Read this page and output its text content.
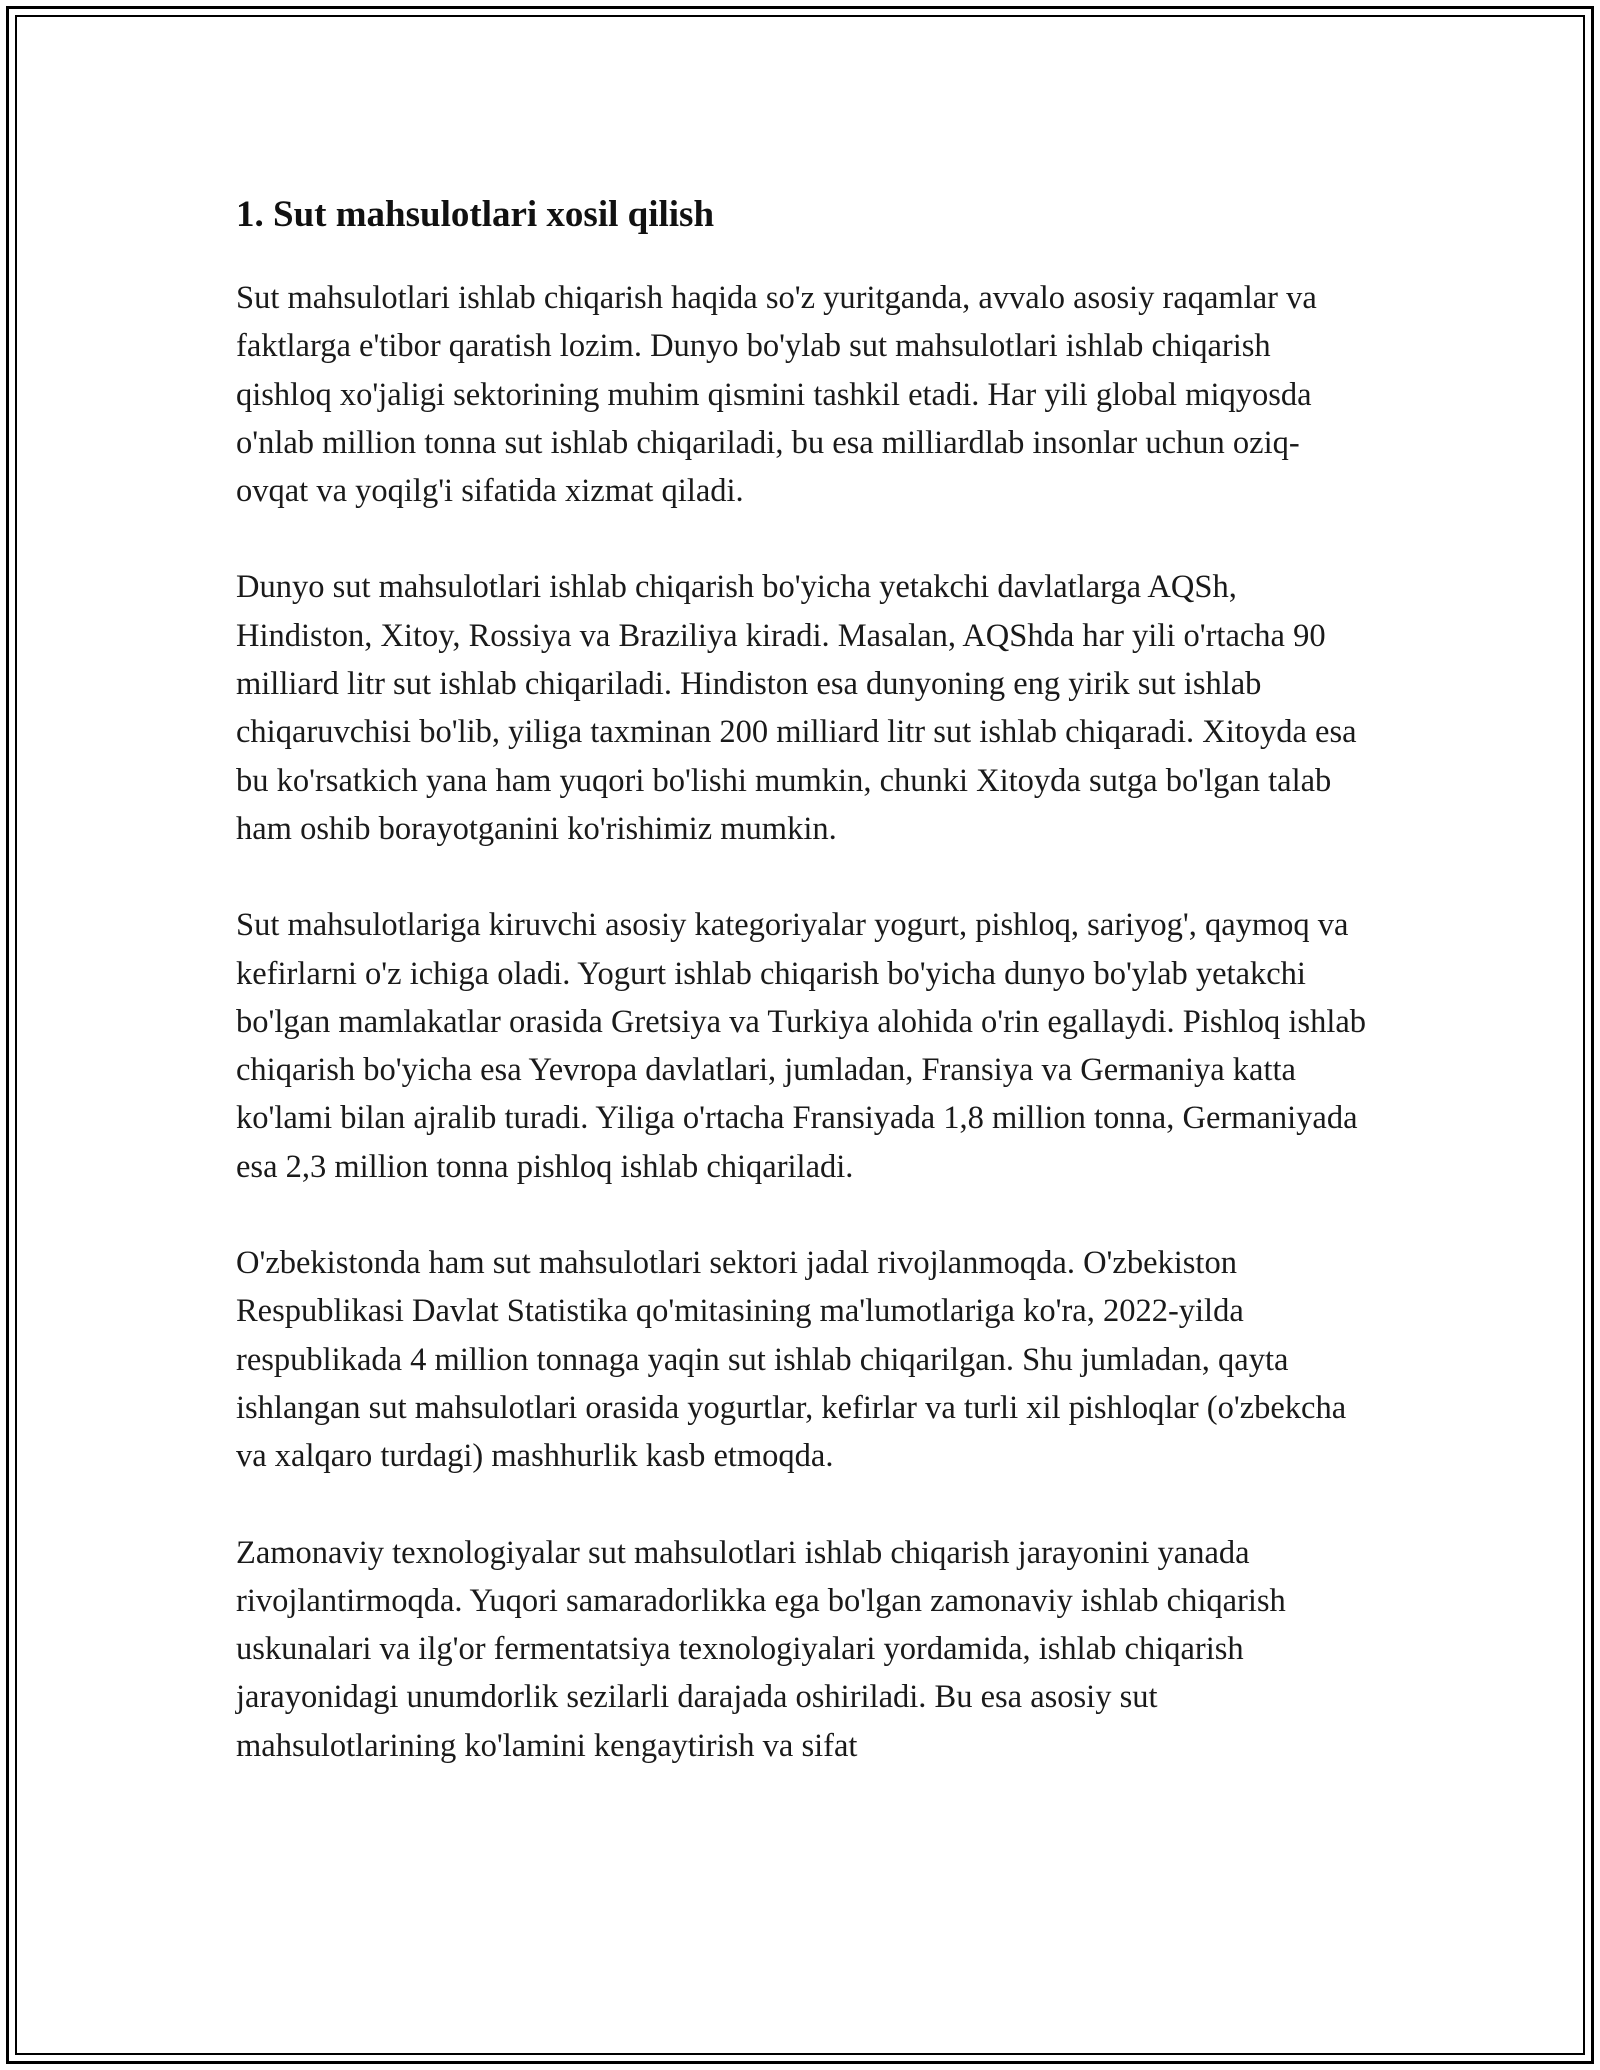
1. Sut mahsulotlari xosil qilish

Sut mahsulotlari ishlab chiqarish haqida so'z yuritganda, avvalo asosiy raqamlar va faktlarga e'tibor qaratish lozim. Dunyo bo'ylab sut mahsulotlari ishlab chiqarish qishloq xo'jaligi sektorining muhim qismini tashkil etadi. Har yili global miqyosda o'nlab million tonna sut ishlab chiqariladi, bu esa milliardlab insonlar uchun oziq-ovqat va yoqilg'i sifatida xizmat qiladi.

Dunyo sut mahsulotlari ishlab chiqarish bo'yicha yetakchi davlatlarga AQSh, Hindiston, Xitoy, Rossiya va Braziliya kiradi. Masalan, AQShda har yili o'rtacha 90 milliard litr sut ishlab chiqariladi. Hindiston esa dunyoning eng yirik sut ishlab chiqaruvchisi bo'lib, yiliga taxminan 200 milliard litr sut ishlab chiqaradi. Xitoyda esa bu ko'rsatkich yana ham yuqori bo'lishi mumkin, chunki Xitoyda sutga bo'lgan talab ham oshib borayotganini ko'rishimiz mumkin.

Sut mahsulotlariga kiruvchi asosiy kategoriyalar yogurt, pishloq, sariyog', qaymoq va kefirlarni o'z ichiga oladi. Yogurt ishlab chiqarish bo'yicha dunyo bo'ylab yetakchi bo'lgan mamlakatlar orasida Gretsiya va Turkiya alohida o'rin egallaydi. Pishloq ishlab chiqarish bo'yicha esa Yevropa davlatlari, jumladan, Fransiya va Germaniya katta ko'lami bilan ajralib turadi. Yiliga o'rtacha Fransiyada 1,8 million tonna, Germaniyada esa 2,3 million tonna pishloq ishlab chiqariladi.

O'zbekistonda ham sut mahsulotlari sektori jadal rivojlanmoqda. O'zbekiston Respublikasi Davlat Statistika qo'mitasining ma'lumotlariga ko'ra, 2022-yilda respublikada 4 million tonnaga yaqin sut ishlab chiqarilgan. Shu jumladan, qayta ishlangan sut mahsulotlari orasida yogurtlar, kefirlar va turli xil pishloqlar (o'zbekcha va xalqaro turdagi) mashhurlik kasb etmoqda.

Zamonaviy texnologiyalar sut mahsulotlari ishlab chiqarish jarayonini yanada rivojlantirmoqda. Yuqori samaradorlikka ega bo'lgan zamonaviy ishlab chiqarish uskunalari va ilg'or fermentatsiya texnologiyalari yordamida, ishlab chiqarish jarayonidagi unumdorlik sezilarli darajada oshiriladi. Bu esa asosiy sut mahsulotlarining ko'lamini kengaytirish va sifat
